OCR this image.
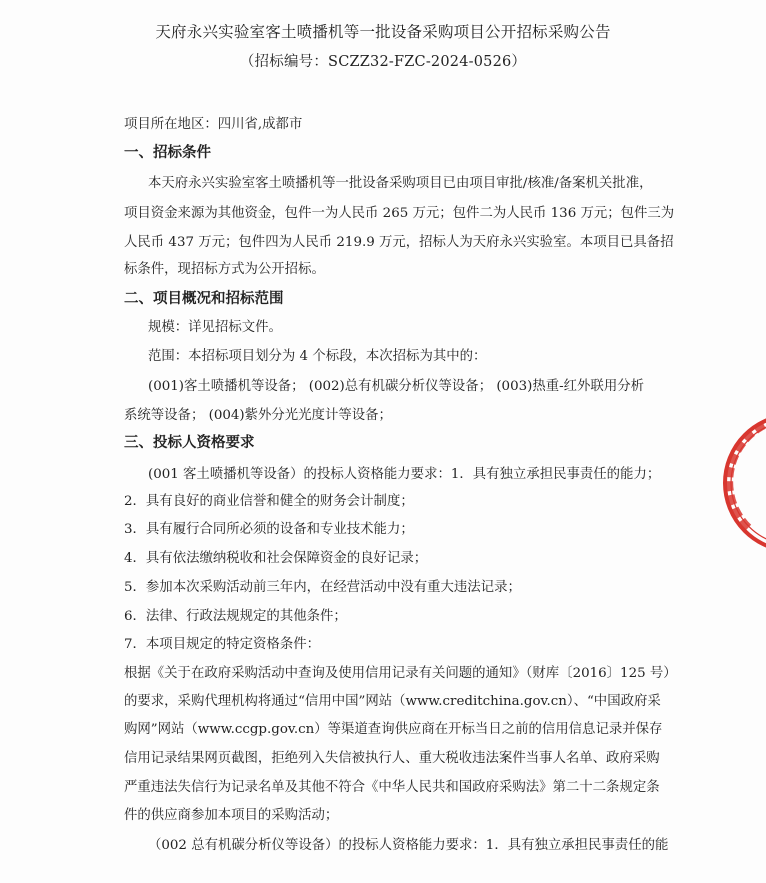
天府永兴实验室客土喷播机等一批设备采购项目公开招标采购公告
（招标编号：SCZZ32-FZC-2024-0526）
项目所在地区：四川省,成都市
一、招标条件
本天府永兴实验室客土喷播机等一批设备采购项目已由项目审批/核准/备案机关批准，
项目资金来源为其他资金，包件一为人民币 265 万元；包件二为人民币 136 万元；包件三为
人民币 437 万元；包件四为人民币 219.9 万元，招标人为天府永兴实验室。本项目已具备招
标条件，现招标方式为公开招标。
二、项目概况和招标范围
规模：详见招标文件。
范围：本招标项目划分为 4 个标段，本次招标为其中的：
(001)客土喷播机等设备； (002)总有机碳分析仪等设备； (003)热重-红外联用分析
系统等设备； (004)紫外分光光度计等设备；
三、投标人资格要求
(001 客土喷播机等设备）的投标人资格能力要求：1．具有独立承担民事责任的能力；
2．具有良好的商业信誉和健全的财务会计制度；
3．具有履行合同所必须的设备和专业技术能力；
4．具有依法缴纳税收和社会保障资金的良好记录；
5．参加本次采购活动前三年内，在经营活动中没有重大违法记录；
6．法律、行政法规规定的其他条件；
7．本项目规定的特定资格条件：
根据《关于在政府采购活动中查询及使用信用记录有关问题的通知》（财库〔2016〕125 号）
的要求，采购代理机构将通过“信用中国”网站（www.creditchina.gov.cn）、“中国政府采
购网”网站（www.ccgp.gov.cn）等渠道查询供应商在开标当日之前的信用信息记录并保存
信用记录结果网页截图，拒绝列入失信被执行人、重大税收违法案件当事人名单、政府采购
严重违法失信行为记录名单及其他不符合《中华人民共和国政府采购法》第二十二条规定条
件的供应商参加本项目的采购活动；
（002 总有机碳分析仪等设备）的投标人资格能力要求：1．具有独立承担民事责任的能
